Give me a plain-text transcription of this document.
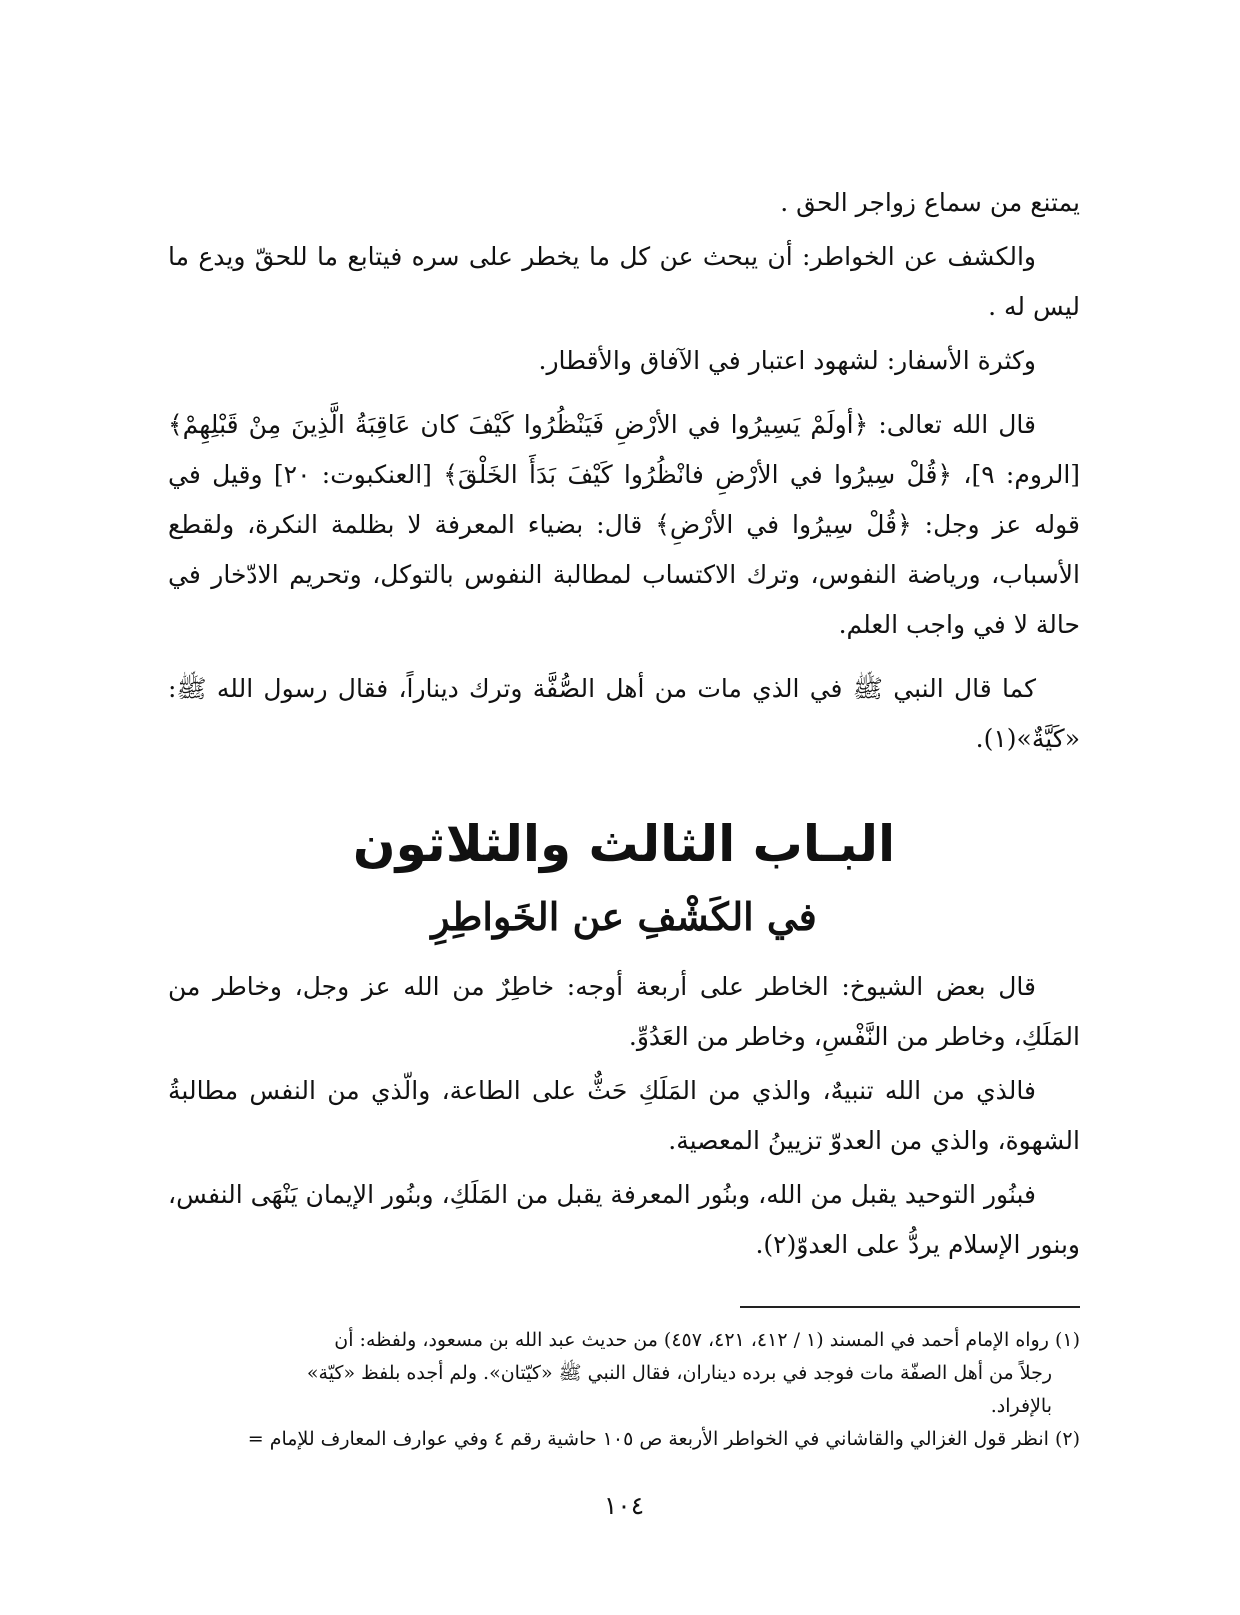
يمتنع من سماع زواجر الحق .

والكشف عن الخواطر: أن يبحث عن كل ما يخطر على سره فيتابع ما للحقّ ويدع ما ليس له .

وكثرة الأسفار: لشهود اعتبار في الآفاق والأقطار.

قال الله تعالى: ﴿أولَمْ يَسِيرُوا في الأرْضِ فَيَنْظُرُوا كَيْفَ كان عَاقِبَةُ الَّذِينَ مِنْ قَبْلِهِمْ﴾ [الروم: ٩]، ﴿قُلْ سِيرُوا في الأرْضِ فانْظُرُوا كَيْفَ بَدَأَ الخَلْقَ﴾ [العنكبوت: ٢٠] وقيل في قوله عز وجل: ﴿قُلْ سِيرُوا في الأرْضِ﴾ قال: بضياء المعرفة لا بظلمة النكرة، ولقطع الأسباب، ورياضة النفوس، وترك الاكتساب لمطالبة النفوس بالتوكل، وتحريم الادّخار في حالة لا في واجب العلم.

كما قال النبي ﷺ في الذي مات من أهل الصُّفَّة وترك ديناراً، فقال رسول الله ﷺ: «كَيَّةٌ»(١).

البـاب الثالث والثلاثون
في الكَشْفِ عن الخَواطِرِ

قال بعض الشيوخ: الخاطر على أربعة أوجه: خاطِرٌ من الله عز وجل، وخاطر من المَلَكِ، وخاطر من النَّفْسِ، وخاطر من العَدُوِّ.

فالذي من الله تنبيهٌ، والذي من المَلَكِ حَثٌّ على الطاعة، والّذي من النفس مطالبةُ الشهوة، والذي من العدوّ تزيينُ المعصية.

فبنُور التوحيد يقبل من الله، وبنُور المعرفة يقبل من المَلَكِ، وبنُور الإيمان يَنْهَى النفس، وبنور الإسلام يردُّ على العدوّ(٢).

(١) رواه الإمام أحمد في المسند (١ / ٤١٢، ٤٢١، ٤٥٧) من حديث عبد الله بن مسعود، ولفظه: أن

رجلاً من أهل الصفّة مات فوجد في برده ديناران، فقال النبي ﷺ «كيّتان». ولم أجده بلفظ «كيّة»

بالإفراد.

(٢) انظر قول الغزالي والقاشاني في الخواطر الأربعة ص ١٠٥ حاشية رقم ٤ وفي عوارف المعارف للإمام =

١٠٤
